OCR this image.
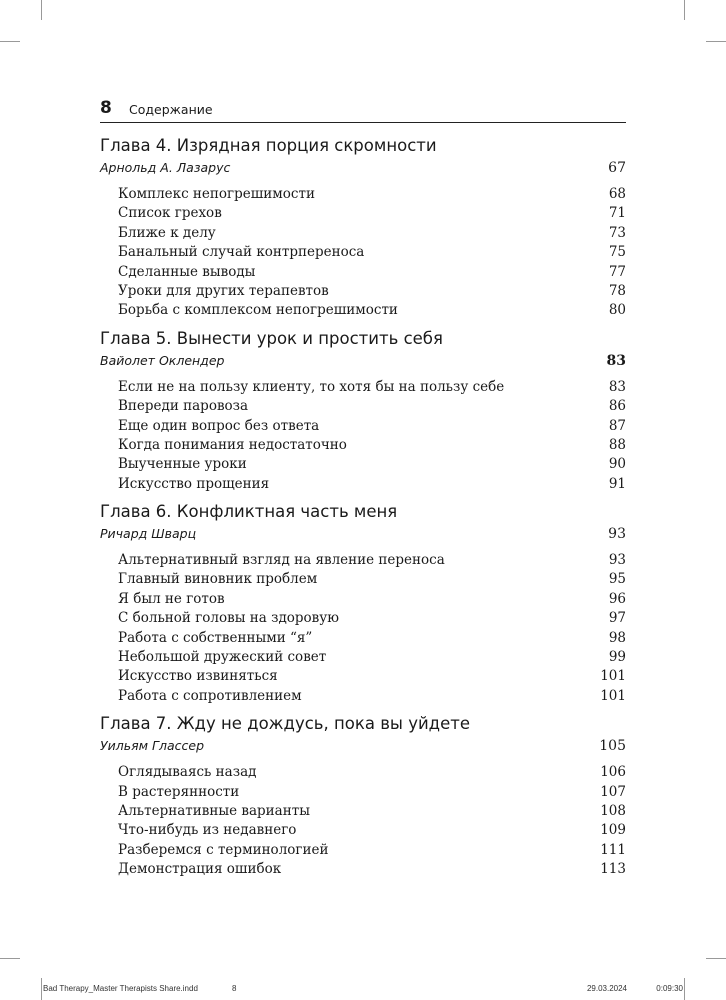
8 Содержание
Глава 4. Изрядная порция скромности
Арнольд А. Лазарус	67
Комплекс непогрешимости	68
Список грехов	71
Ближе к делу	73
Банальный случай контрпереноса	75
Сделанные выводы	77
Уроки для других терапевтов	78
Борьба с комплексом непогрешимости	80
Глава 5. Вынести урок и простить себя
Вайолет Оклендер	83
Если не на пользу клиенту, то хотя бы на пользу себе	83
Впереди паровоза	86
Еще один вопрос без ответа	87
Когда понимания недостаточно	88
Выученные уроки	90
Искусство прощения	91
Глава 6. Конфликтная часть меня
Ричард Шварц	93
Альтернативный взгляд на явление переноса	93
Главный виновник проблем	95
Я был не готов	96
С больной головы на здоровую	97
Работа с собственными “я”	98
Небольшой дружеский совет	99
Искусство извиняться	101
Работа с сопротивлением	101
Глава 7. Жду не дождусь, пока вы уйдете
Уильям Глассер	105
Оглядываясь назад	106
В растерянности	107
Альтернативные варианты	108
Что-нибудь из недавнего	109
Разберемся с терминологией	111
Демонстрация ошибок	113
Bad Therapy_Master Therapists Share.indd	8	29.03.2024	0:09:30
